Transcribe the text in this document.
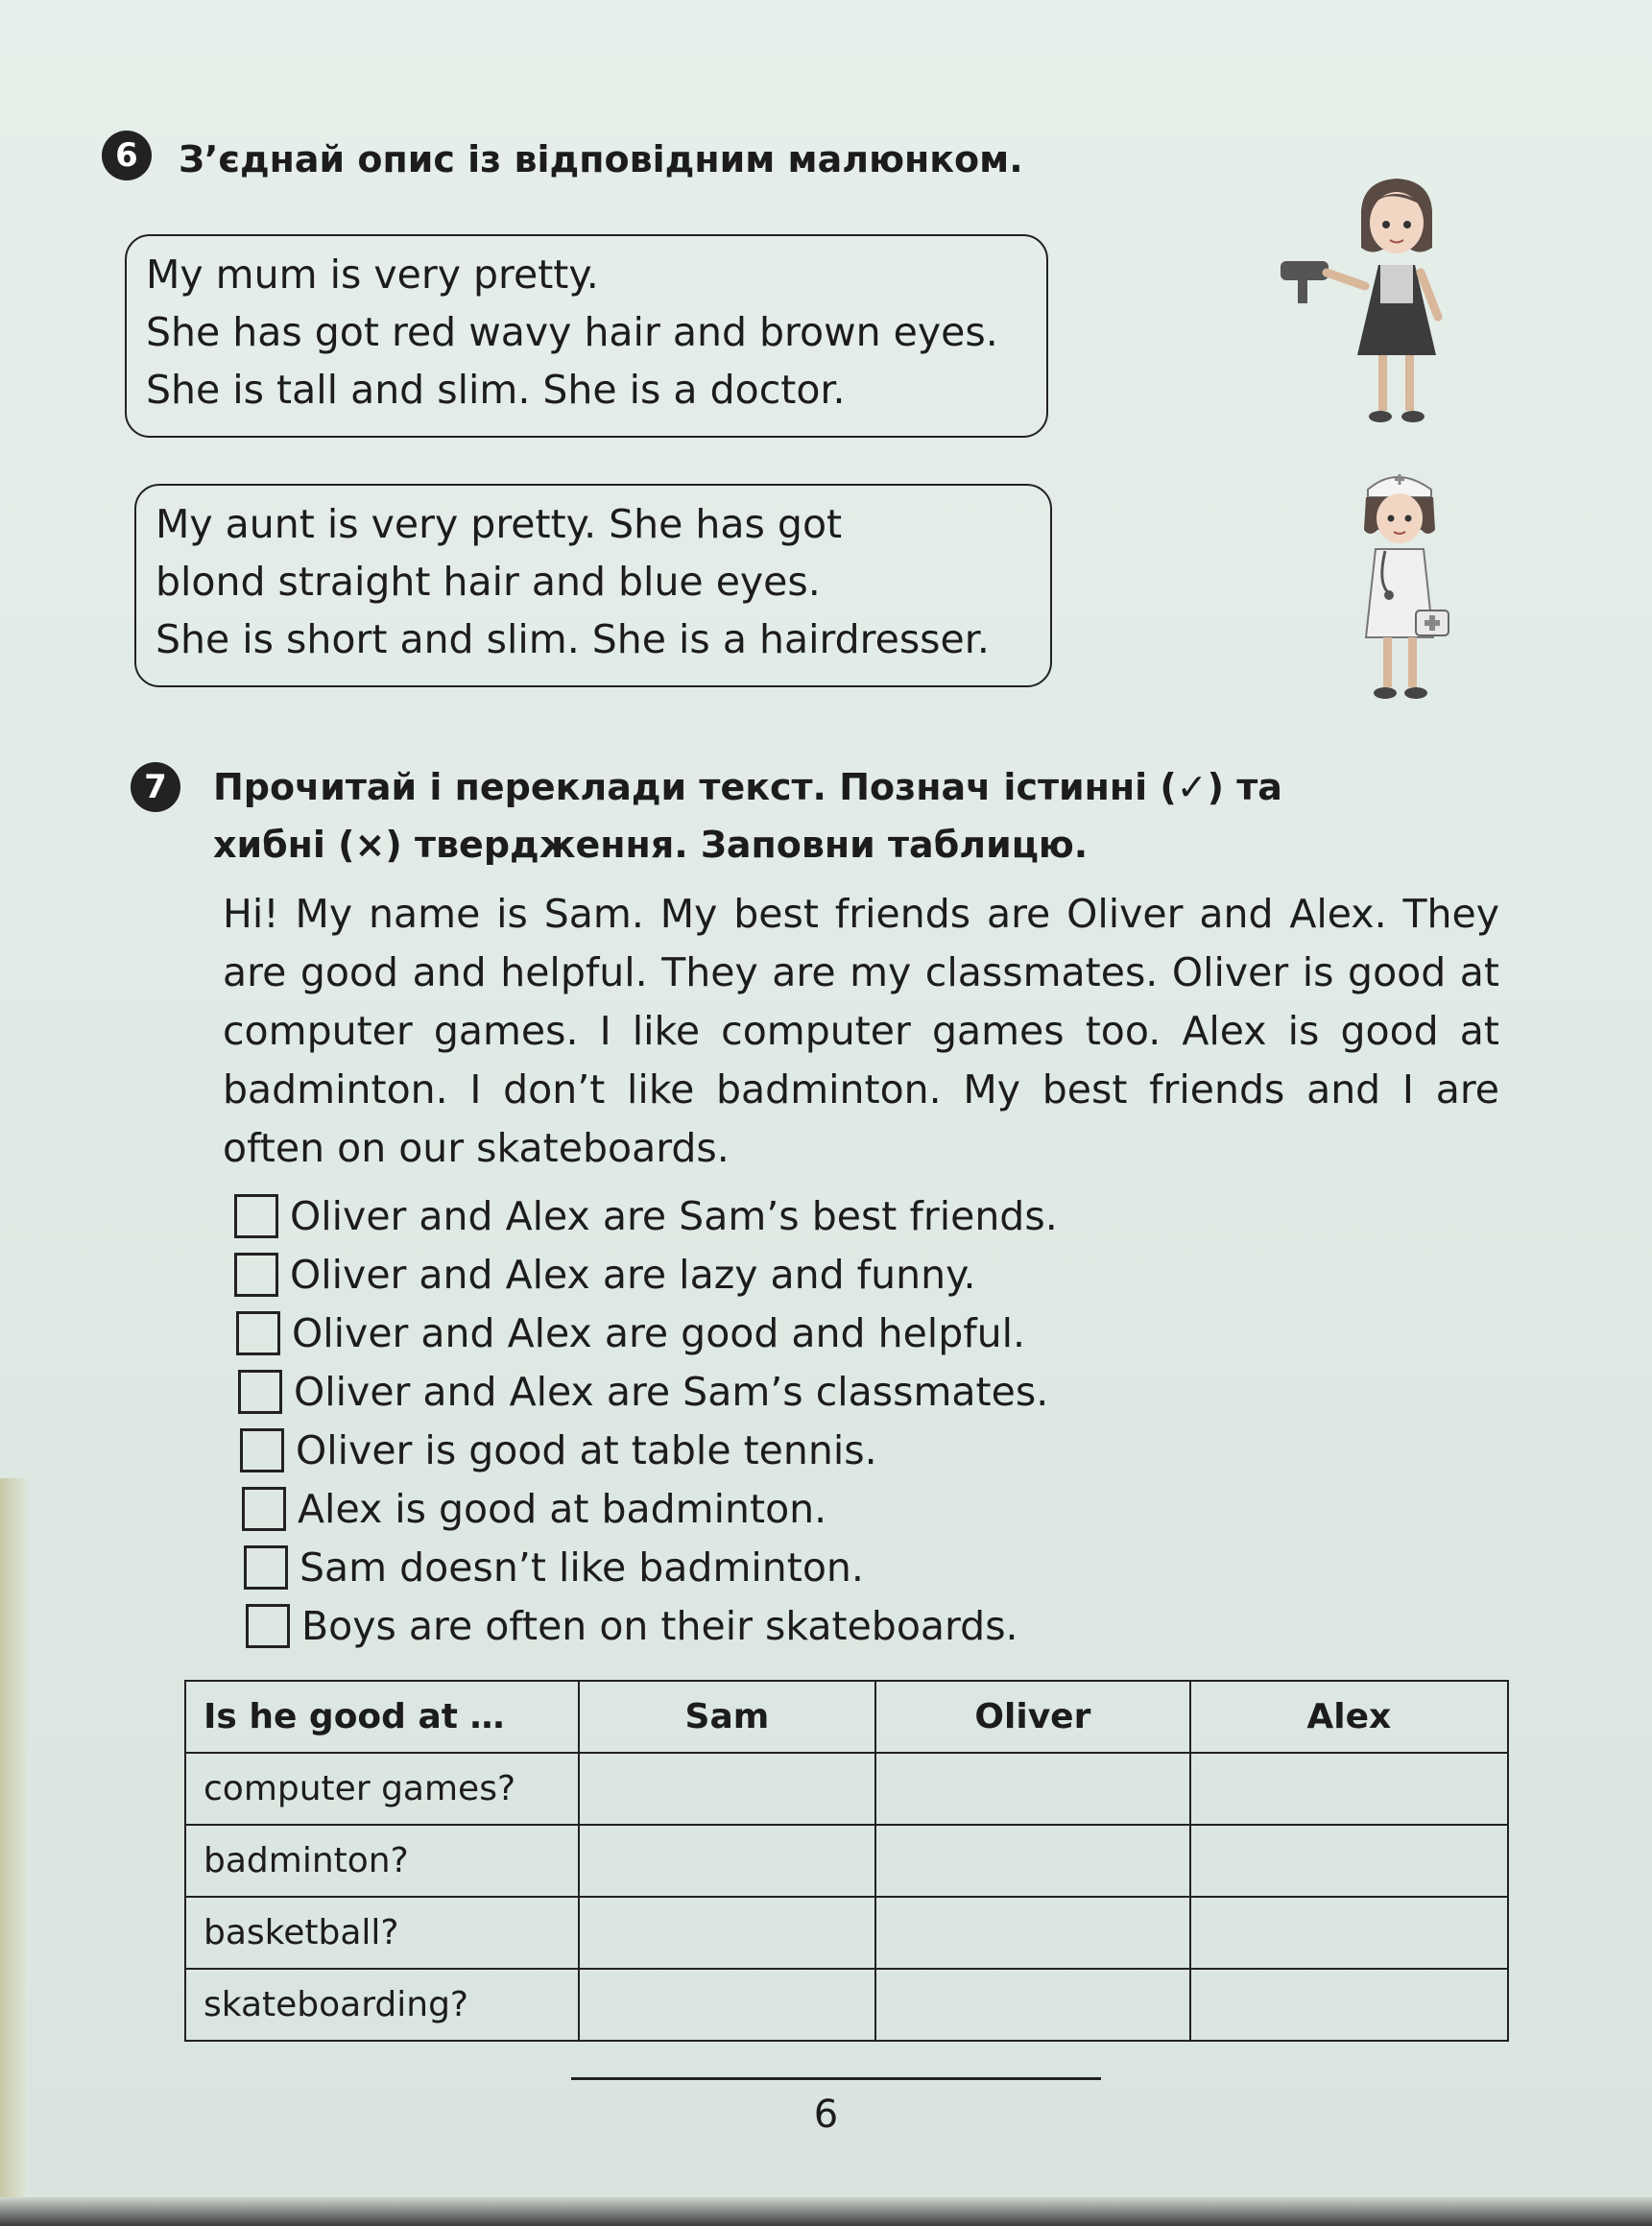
6	З’єднай опис із відповідним малюнком.
My mum is very pretty.
She has got red wavy hair and brown eyes.
She is tall and slim. She is a doctor.
My aunt is very pretty. She has got
blond straight hair and blue eyes.
She is short and slim. She is a hairdresser.
7	Прочитай і переклади текст. Познач істинні (✓) та
хибні (×) твердження. Заповни таблицю.
Hi! My name is Sam. My best friends are Oliver and Alex. They are good and helpful. They are my classmates. Oliver is good at computer games. I like computer games too. Alex is good at badminton. I don’t like badminton. My best friends and I are often on our skateboards.
Oliver and Alex are Sam’s best friends.
Oliver and Alex are lazy and funny.
Oliver and Alex are good and helpful.
Oliver and Alex are Sam’s classmates.
Oliver is good at table tennis.
Alex is good at badminton.
Sam doesn’t like badminton.
Boys are often on their skateboards.
Is he good at …	Sam	Oliver	Alex
computer games?			
badminton?			
basketball?			
skateboarding?			
6
